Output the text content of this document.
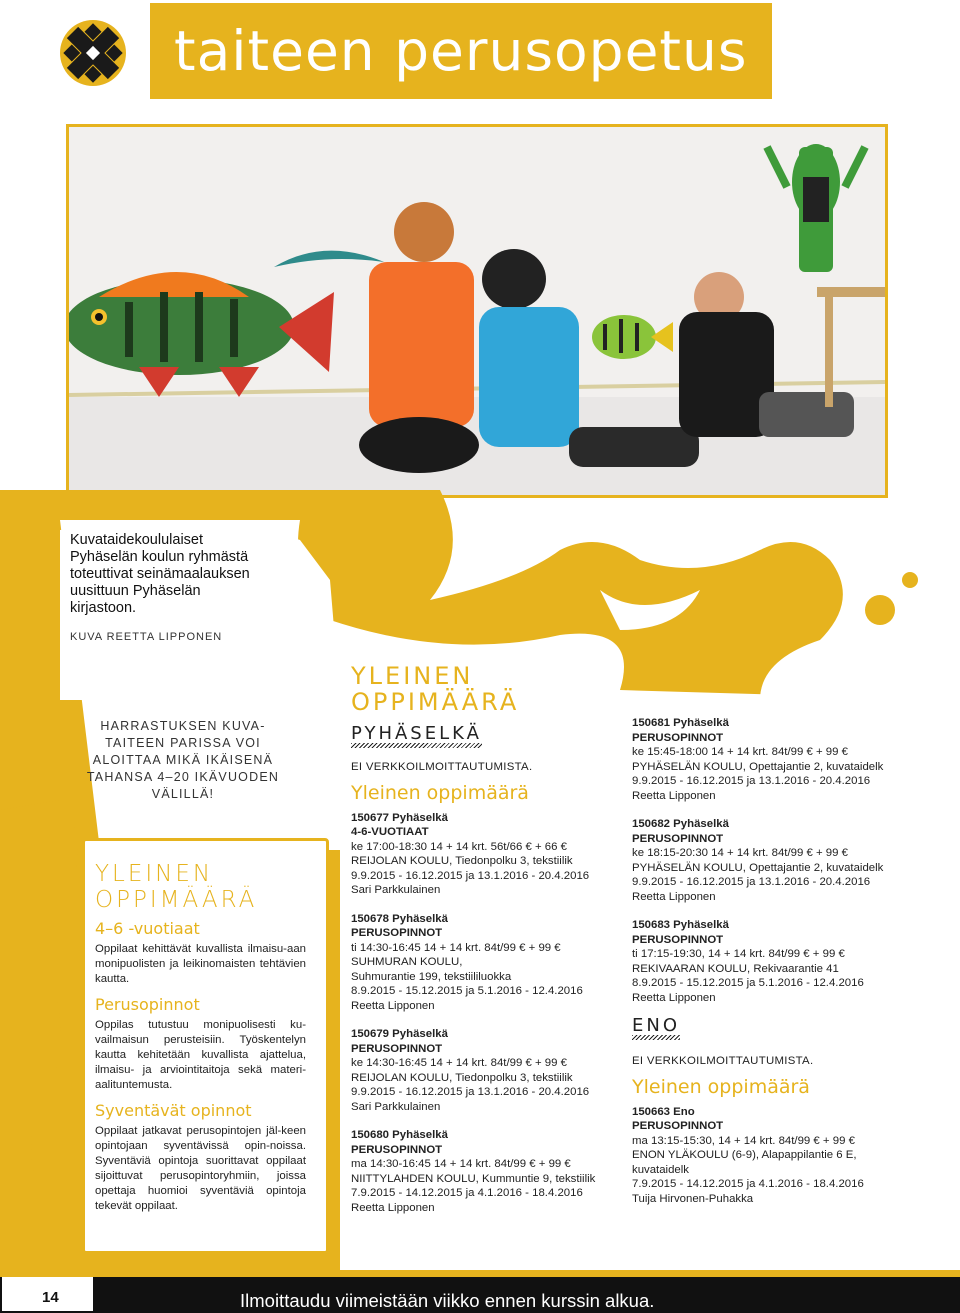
taiteen perusopetus
Kuvataidekoululaiset Pyhäselän koulun ryhmästä toteuttivat seinämaalauksen uusittuun Pyhäselän kirjastoon.
KUVA REETTA LIPPONEN
HARRASTUKSEN KUVA-TAITEEN PARISSA VOI ALOITTAA MIKÄ IKÄISENÄ TAHANSA 4–20 IKÄVUODEN VÄLILLÄ!
YLEINEN OPPIMÄÄRÄ
4–6 -vuotiaat
Oppilaat kehittävät kuvallista ilmaisu-aan monipuolisten ja leikinomaisten tehtävien kautta.
Perusopinnot
Oppilas tutustuu monipuolisesti ku-vailmaisun perusteisiin. Työskentelyn kautta kehitetään kuvallista ajattelua, ilmaisu- ja arviointitaitoja sekä materi-aalituntemusta.
Syventävät opinnot
Oppilaat jatkavat perusopintojen jäl-keen opintojaan syventävissä opin-noissa. Syventäviä opintoja suorittavat oppilaat sijoittuvat perusopintoryhmiin, joissa opettaja huomioi syventäviä opintoja tekevät oppilaat.
YLEINEN OPPIMÄÄRÄ
PYHÄSELKÄ
EI VERKKOILMOITTAUTUMISTA.
Yleinen oppimäärä
150677 Pyhäselkä
4-6-VUOTIAAT
ke 17:00-18:30 14 + 14 krt. 56t/66 € + 66 €
REIJOLAN KOULU, Tiedonpolku 3, tekstiilik
9.9.2015 - 16.12.2015 ja 13.1.2016 - 20.4.2016
Sari Parkkulainen
150678 Pyhäselkä
PERUSOPINNOT
ti 14:30-16:45 14 + 14 krt. 84t/99 € + 99 €
SUHMURAN KOULU,
Suhmurantie 199, tekstiililuokka
8.9.2015 - 15.12.2015 ja 5.1.2016 - 12.4.2016
Reetta Lipponen
150679 Pyhäselkä
PERUSOPINNOT
ke 14:30-16:45 14 + 14 krt. 84t/99 € + 99 €
REIJOLAN KOULU, Tiedonpolku 3, tekstiilik
9.9.2015 - 16.12.2015 ja 13.1.2016 - 20.4.2016
Sari Parkkulainen
150680 Pyhäselkä
PERUSOPINNOT
ma 14:30-16:45 14 + 14 krt. 84t/99 € + 99 €
NIITTYLAHDEN KOULU, Kummuntie 9, tekstiilik
7.9.2015 - 14.12.2015 ja 4.1.2016 - 18.4.2016
Reetta Lipponen
150681 Pyhäselkä
PERUSOPINNOT
ke 15:45-18:00 14 + 14 krt. 84t/99 € + 99 €
PYHÄSELÄN KOULU, Opettajantie 2, kuvataidelk
9.9.2015 - 16.12.2015 ja 13.1.2016 - 20.4.2016
Reetta Lipponen
150682 Pyhäselkä
PERUSOPINNOT
ke 18:15-20:30 14 + 14 krt. 84t/99 € + 99 €
PYHÄSELÄN KOULU, Opettajantie 2, kuvataidelk
9.9.2015 - 16.12.2015 ja 13.1.2016 - 20.4.2016
Reetta Lipponen
150683 Pyhäselkä
PERUSOPINNOT
ti 17:15-19:30, 14 + 14 krt. 84t/99 € + 99 €
REKIVAARAN KOULU, Rekivaarantie 41
8.9.2015 - 15.12.2015 ja 5.1.2016 - 12.4.2016
Reetta Lipponen
ENO
EI VERKKOILMOITTAUTUMISTA.
Yleinen oppimäärä
150663 Eno
PERUSOPINNOT
ma 13:15-15:30, 14 + 14 krt. 84t/99 € + 99 €
ENON YLÄKOULU (6-9), Alapappilantie 6 E,
kuvataidelk
7.9.2015 - 14.12.2015 ja 4.1.2016 - 18.4.2016
Tuija Hirvonen-Puhakka
14	Ilmoittaudu viimeistään viikko ennen kurssin alkua.
